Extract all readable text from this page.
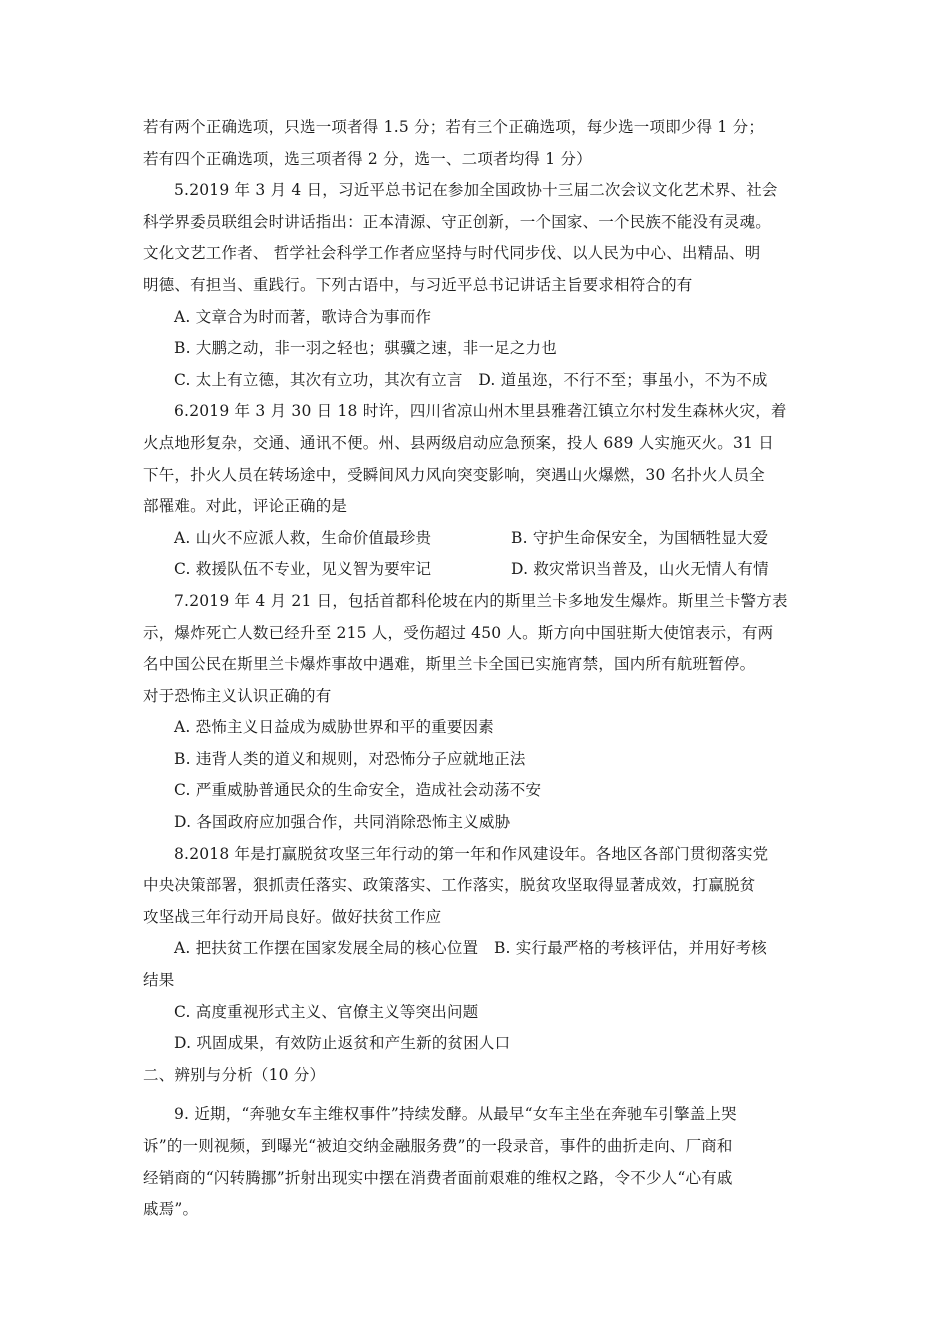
若有两个正确选项，只选一项者得 1.5 分；若有三个正确选项，每少选一项即少得 1 分；
若有四个正确选项，选三项者得 2 分，选一、二项者均得 1 分）
5.2019 年 3 月 4 日，习近平总书记在参加全国政协十三届二次会议文化艺术界、社会
科学界委员联组会时讲话指出：正本清源、守正创新，一个国家、一个民族不能没有灵魂。
文化文艺工作者、 哲学社会科学工作者应坚持与时代同步伐、以人民为中心、出精品、明
明德、有担当、重践行。下列古语中，与习近平总书记讲话主旨要求相符合的有
A. 文章合为时而著，歌诗合为事而作
B. 大鹏之动，非一羽之轻也；骐骥之速，非一足之力也
C. 太上有立德，其次有立功，其次有立言　D. 道虽迩，不行不至；事虽小，不为不成
6.2019 年 3 月 30 日 18 时许，四川省凉山州木里县雅砻江镇立尔村发生森林火灾，着
火点地形复杂，交通、通讯不便。州、县两级启动应急预案，投人 689 人实施灭火。31 日
下午，扑火人员在转场途中，受瞬间风力风向突变影响，突遇山火爆燃，30 名扑火人员全
部罹难。对此，评论正确的是
A. 山火不应派人救，生命价值最珍贵	B. 守护生命保安全，为国牺牲显大爱
C. 救援队伍不专业，见义智为要牢记	D. 救灾常识当普及，山火无情人有情
7.2019 年 4 月 21 日，包括首都科伦坡在内的斯里兰卡多地发生爆炸。斯里兰卡警方表
示，爆炸死亡人数已经升至 215 人，受伤超过 450 人。斯方向中国驻斯大使馆表示，有两
名中国公民在斯里兰卡爆炸事故中遇难，斯里兰卡全国已实施宵禁，国内所有航班暂停。
对于恐怖主义认识正确的有
A. 恐怖主义日益成为威胁世界和平的重要因素
B. 违背人类的道义和规则，对恐怖分子应就地正法
C. 严重威胁普通民众的生命安全，造成社会动荡不安
D. 各国政府应加强合作，共同消除恐怖主义威胁
8.2018 年是打赢脱贫攻坚三年行动的第一年和作风建设年。各地区各部门贯彻落实党
中央决策部署，狠抓责任落实、政策落实、工作落实，脱贫攻坚取得显著成效，打赢脱贫
攻坚战三年行动开局良好。做好扶贫工作应
A. 把扶贫工作摆在国家发展全局的核心位置　B. 实行最严格的考核评估，并用好考核
结果
C. 高度重视形式主义、官僚主义等突出问题
D. 巩固成果，有效防止返贫和产生新的贫困人口
二、辨别与分析（10 分）
9. 近期，“奔驰女车主维权事件”持续发酵。从最早“女车主坐在奔驰车引擎盖上哭
诉”的一则视频，到曝光“被迫交纳金融服务费”的一段录音，事件的曲折走向、厂商和
经销商的“闪转腾挪”折射出现实中摆在消费者面前艰难的维权之路，令不少人“心有戚
戚焉”。
